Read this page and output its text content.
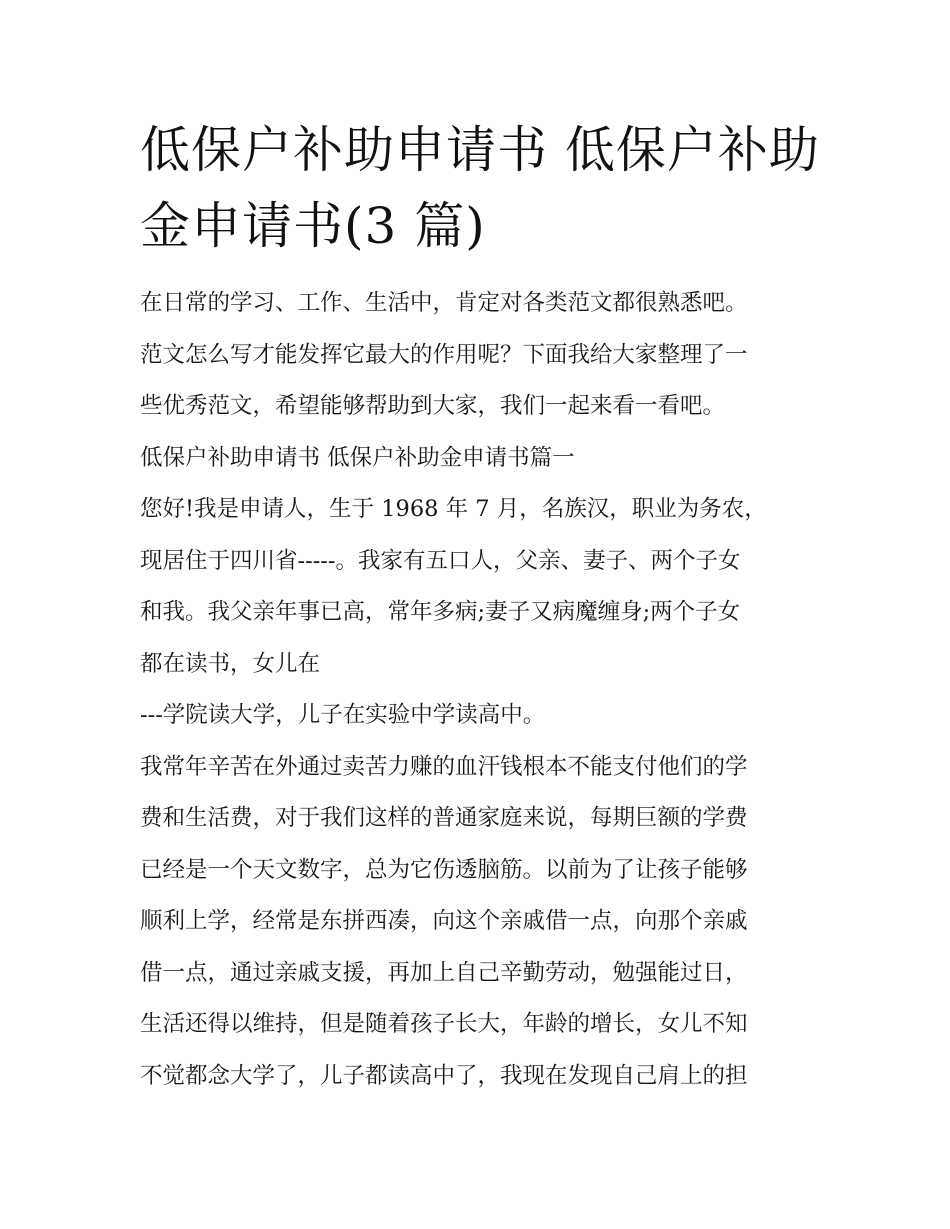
低保户补助申请书 低保户补助
金申请书(3 篇)
在日常的学习、工作、生活中，肯定对各类范文都很熟悉吧。
范文怎么写才能发挥它最大的作用呢？下面我给大家整理了一
些优秀范文，希望能够帮助到大家，我们一起来看一看吧。
低保户补助申请书 低保户补助金申请书篇一
您好!我是申请人，生于 1968 年 7 月，名族汉，职业为务农，
现居住于四川省-----。我家有五口人，父亲、妻子、两个子女
和我。我父亲年事已高，常年多病;妻子又病魔缠身;两个子女
都在读书，女儿在
---学院读大学，儿子在实验中学读高中。
我常年辛苦在外通过卖苦力赚的血汗钱根本不能支付他们的学
费和生活费，对于我们这样的普通家庭来说，每期巨额的学费
已经是一个天文数字，总为它伤透脑筋。以前为了让孩子能够
顺利上学，经常是东拼西凑，向这个亲戚借一点，向那个亲戚
借一点，通过亲戚支援，再加上自己辛勤劳动，勉强能过日，
生活还得以维持，但是随着孩子长大，年龄的增长，女儿不知
不觉都念大学了，儿子都读高中了，我现在发现自己肩上的担
